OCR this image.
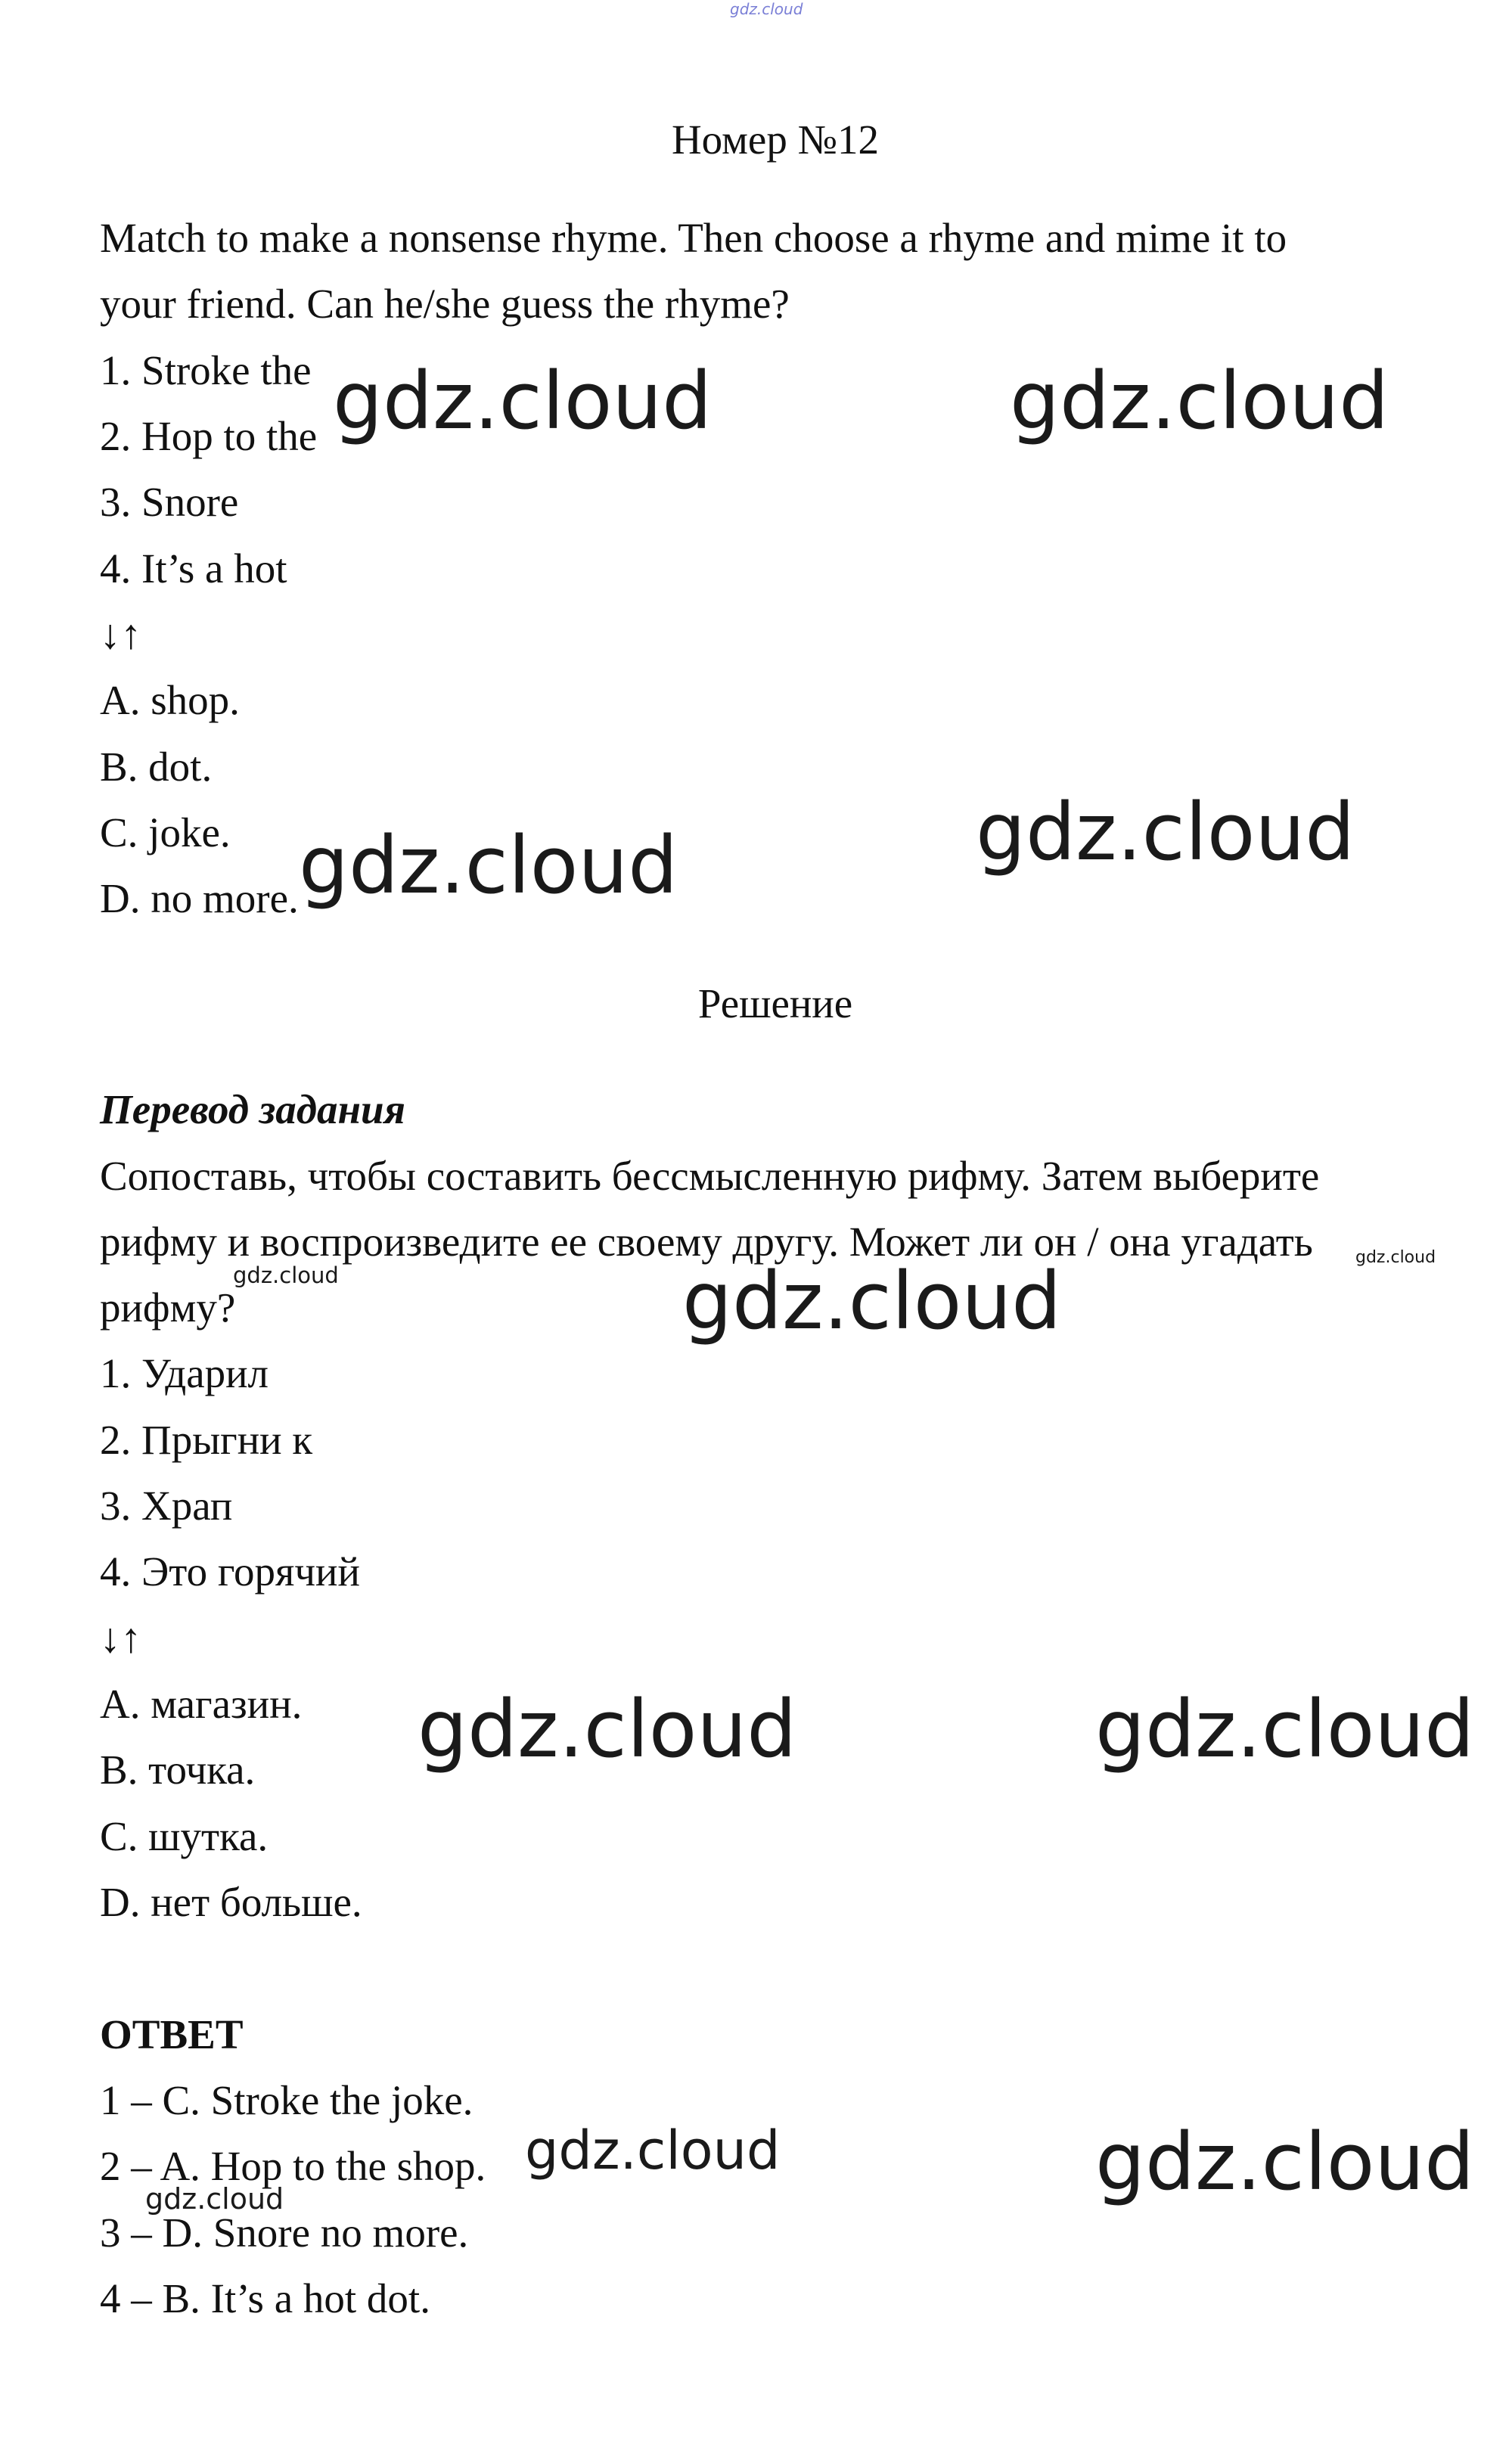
gdz.cloud
Номер №12
Match to make a nonsense rhyme. Then choose a rhyme and mime it to
your friend. Can he/she guess the rhyme?
1. Stroke the
2. Hop to the
3. Snore
4. It’s a hot
↓↑
A. shop.
B. dot.
C. joke.
D. no more.
Решение
Перевод задания
Сопоставь, чтобы составить бессмысленную рифму. Затем выберите
рифму и воспроизведите ее своему другу. Может ли он / она угадать
рифму?
1. Ударил
2. Прыгни к
3. Храп
4. Это горячий
↓↑
A. магазин.
B. точка.
C. шутка.
D. нет больше.
ОТВЕТ
1 – C. Stroke the joke.
2 – A. Hop to the shop.
3 – D. Snore no more.
4 – B. It’s a hot dot.
gdz.cloud	gdz.cloud
gdz.cloud	gdz.cloud
gdz.cloud
gdz.cloud
gdz.cloud
gdz.cloud	gdz.cloud
gdz.cloud
gdz.cloud	gdz.cloud
